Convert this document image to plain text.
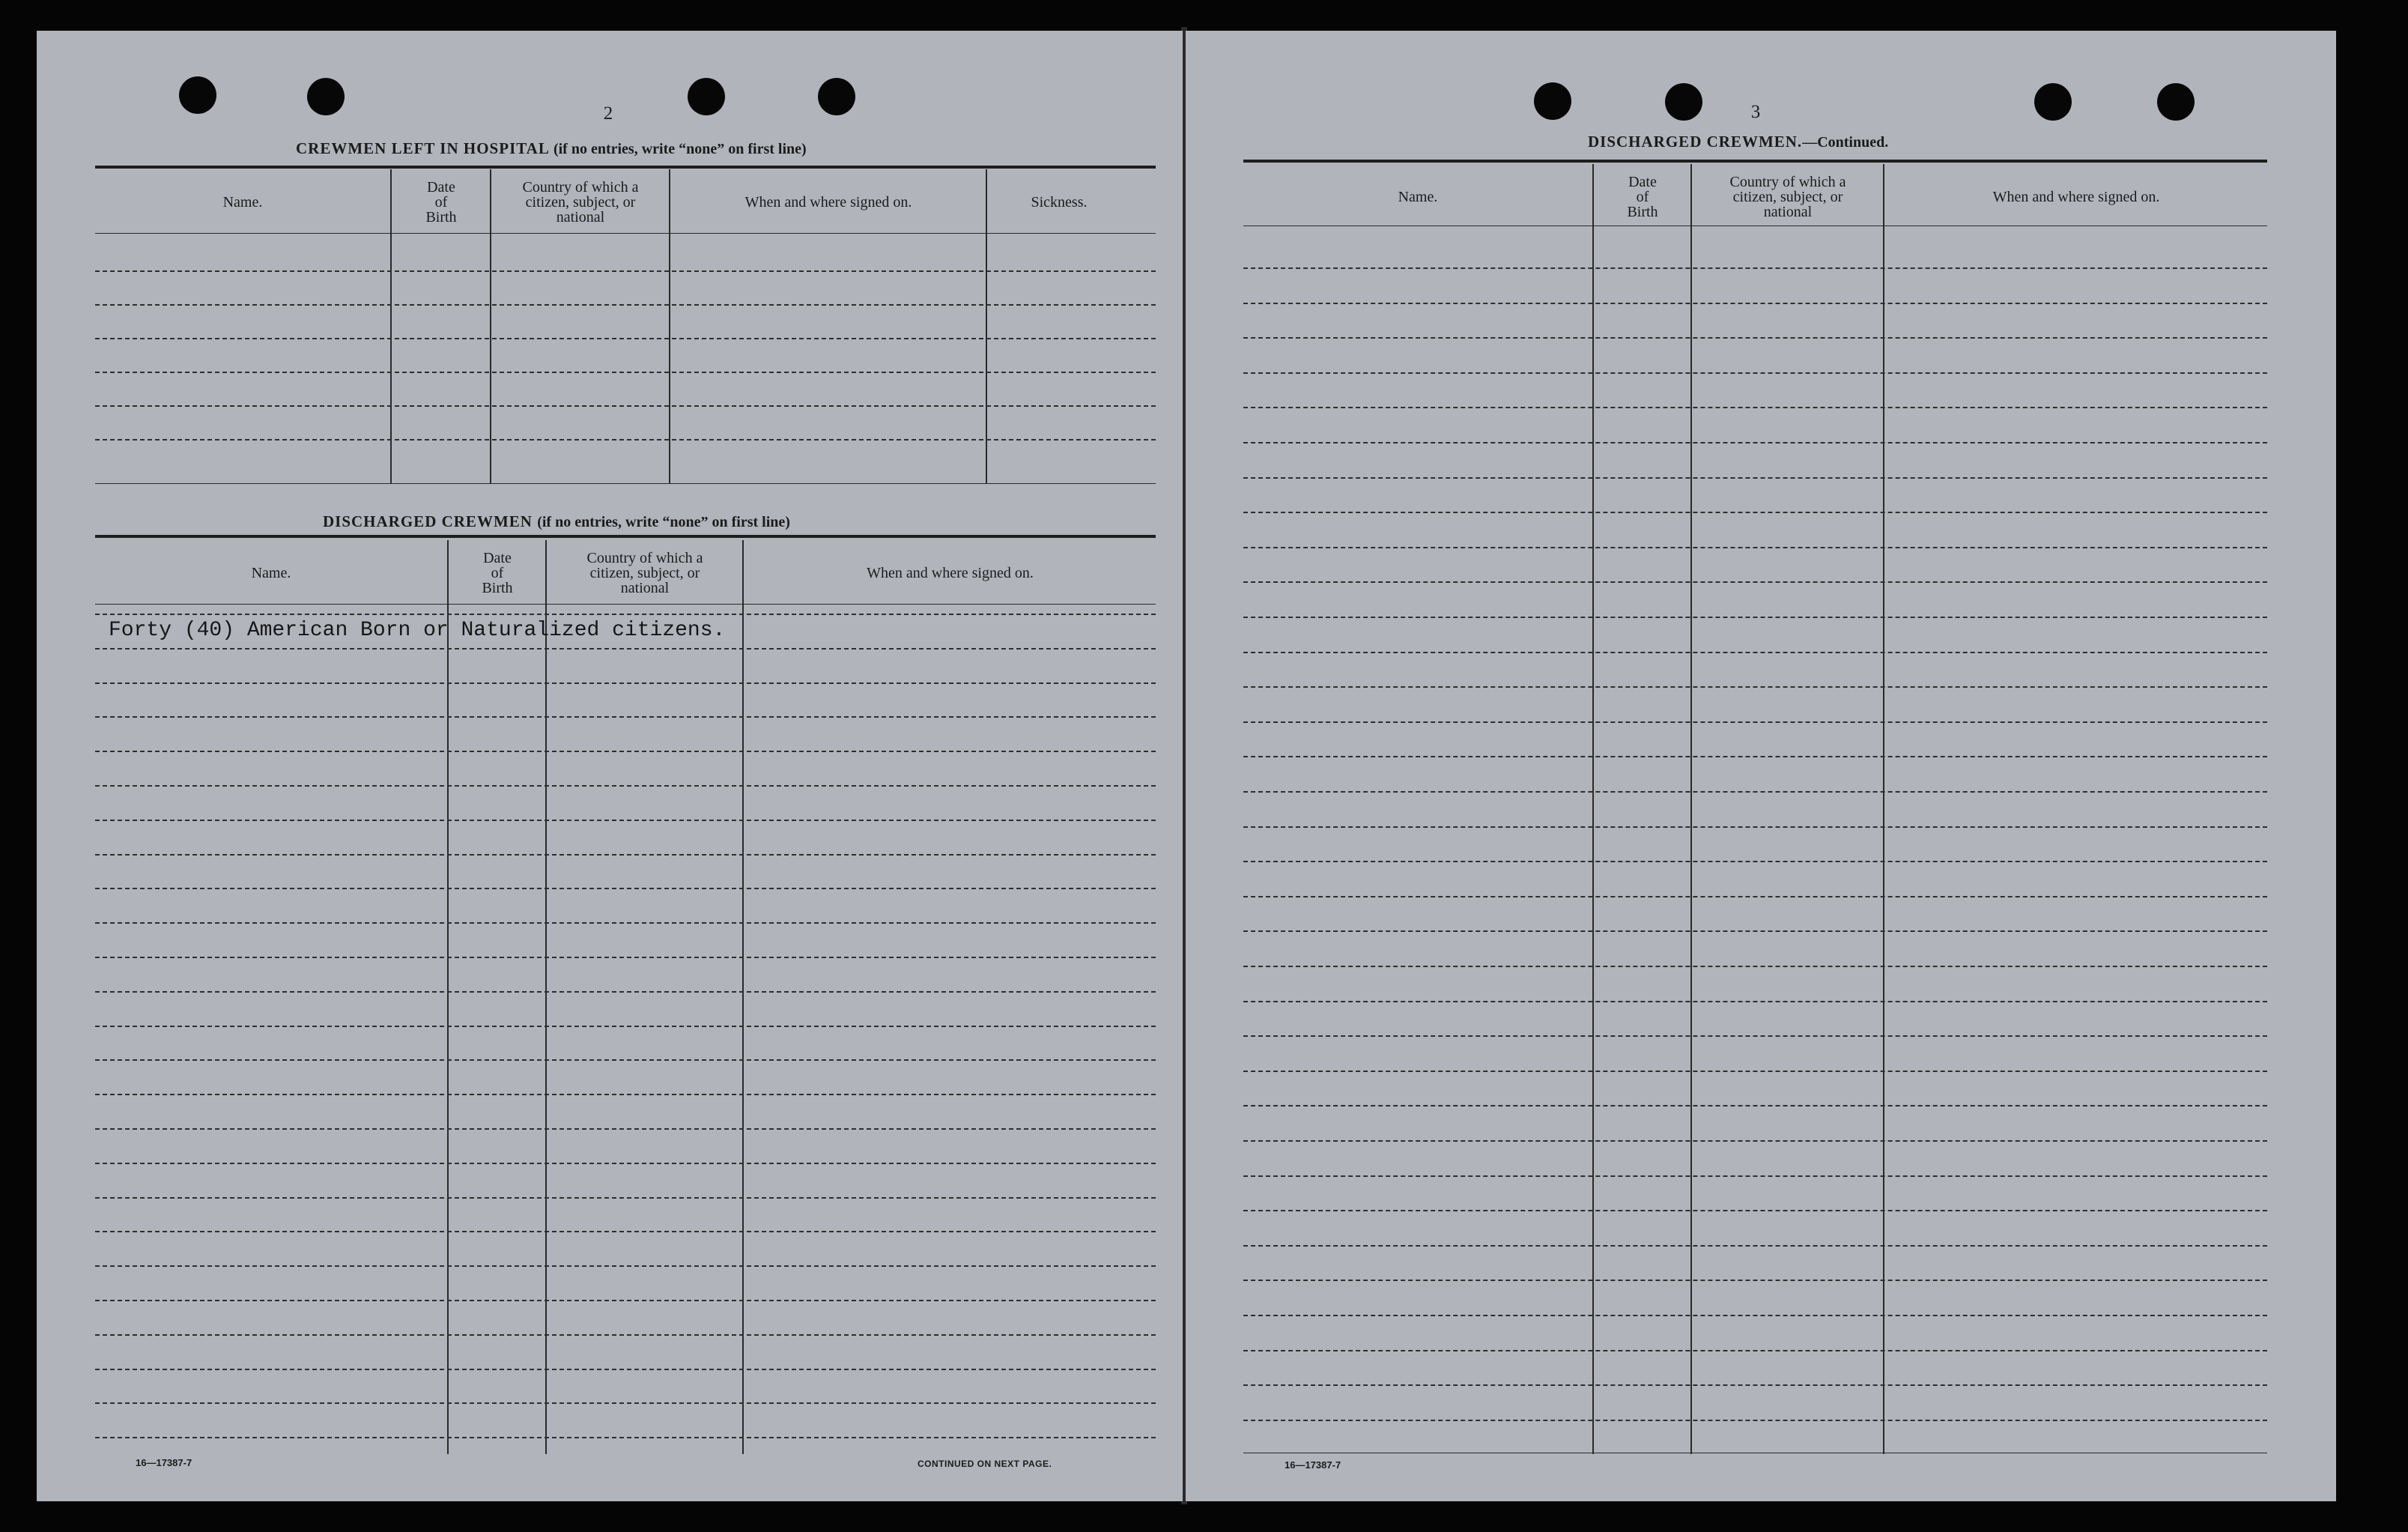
2
CREWMEN LEFT IN HOSPITAL (if no entries, write “none” on first line)
Name.
Date
of
Birth
Country of which a
citizen, subject, or
national
When and where signed on.	Sickness.
DISCHARGED CREWMEN (if no entries, write “none” on first line)
Name.
Date
of
Birth
Country of which a
citizen, subject, or
national
When and where signed on.
Forty (40) American Born or Naturalized citizens.
16—17387-7	CONTINUED ON NEXT PAGE.
3
DISCHARGED CREWMEN.—Continued.
Name.
Date
of
Birth
Country of which a
citizen, subject, or
national
When and where signed on.
16—17387-7
